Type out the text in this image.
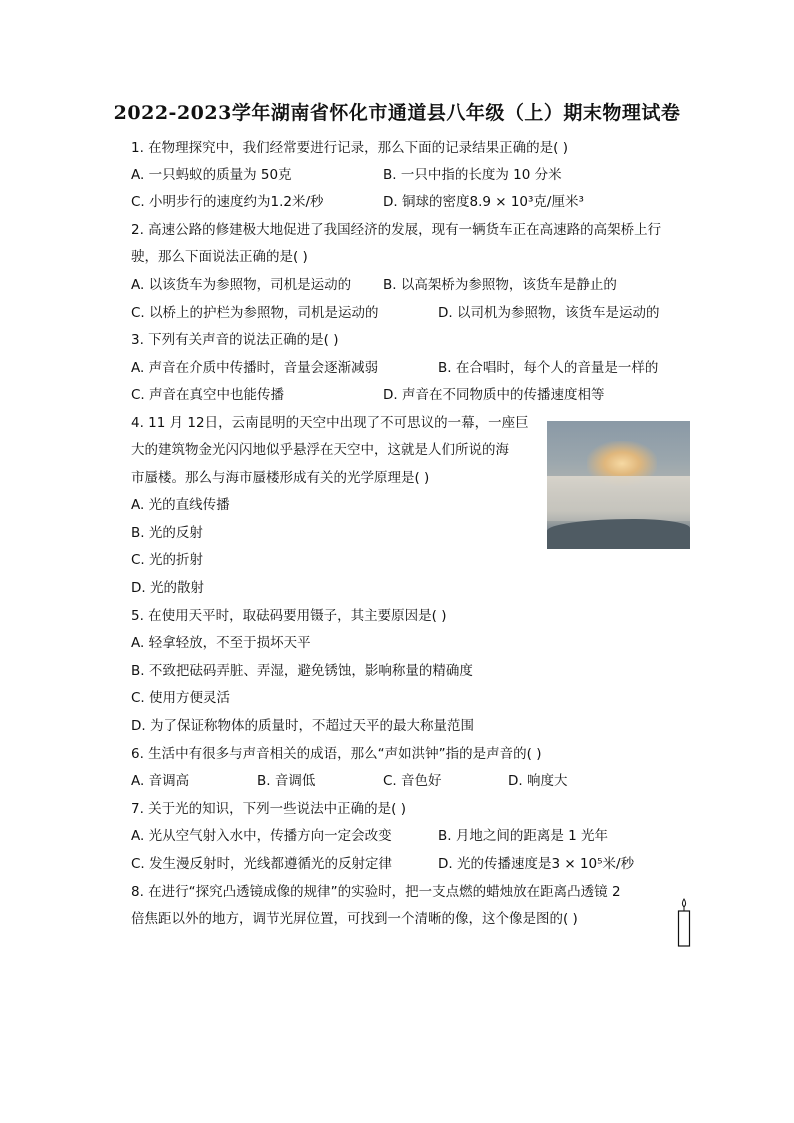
2022-2023学年湖南省怀化市通道县八年级（上）期末物理试卷
1. 在物理探究中，我们经常要进行记录，那么下面的记录结果正确的是( )
A. 一只蚂蚁的质量为 50克	B. 一只中指的长度为 10 分米
C. 小明步行的速度约为1.2米/秒	D. 铜球的密度8.9 × 10³克/厘米³
2. 高速公路的修建极大地促进了我国经济的发展，现有一辆货车正在高速路的高架桥上行
驶，那么下面说法正确的是( )
A. 以该货车为参照物，司机是运动的 B. 以高架桥为参照物，该货车是静止的
C. 以桥上的护栏为参照物，司机是运动的	D. 以司机为参照物，该货车是运动的
3. 下列有关声音的说法正确的是( )
A. 声音在介质中传播时，音量会逐渐减弱	B. 在合唱时，每个人的音量是一样的
C. 声音在真空中也能传播	D. 声音在不同物质中的传播速度相等
4. 11 月 12日，云南昆明的天空中出现了不可思议的一幕，一座巨
大的建筑物金光闪闪地似乎悬浮在天空中，这就是人们所说的海
市蜃楼。那么与海市蜃楼形成有关的光学原理是( )
A. 光的直线传播
B. 光的反射
C. 光的折射
D. 光的散射
5. 在使用天平时，取砝码要用镊子，其主要原因是( )
A. 轻拿轻放，不至于损坏天平
B. 不致把砝码弄脏、弄湿，避免锈蚀，影响称量的精确度
C. 使用方便灵活
D. 为了保证称物体的质量时，不超过天平的最大称量范围
6. 生活中有很多与声音相关的成语，那么“声如洪钟”指的是声音的( )
A. 音调高	B. 音调低	C. 音色好	D. 响度大
7. 关于光的知识，下列一些说法中正确的是( )
A. 光从空气射入水中，传播方向一定会改变	B. 月地之间的距离是 1 光年
C. 发生漫反射时，光线都遵循光的反射定律	D. 光的传播速度是3 × 10⁵米/秒
8. 在进行“探究凸透镜成像的规律”的实验时，把一支点燃的蜡烛放在距离凸透镜 2
倍焦距以外的地方，调节光屏位置，可找到一个清晰的像，这个像是图的( )
